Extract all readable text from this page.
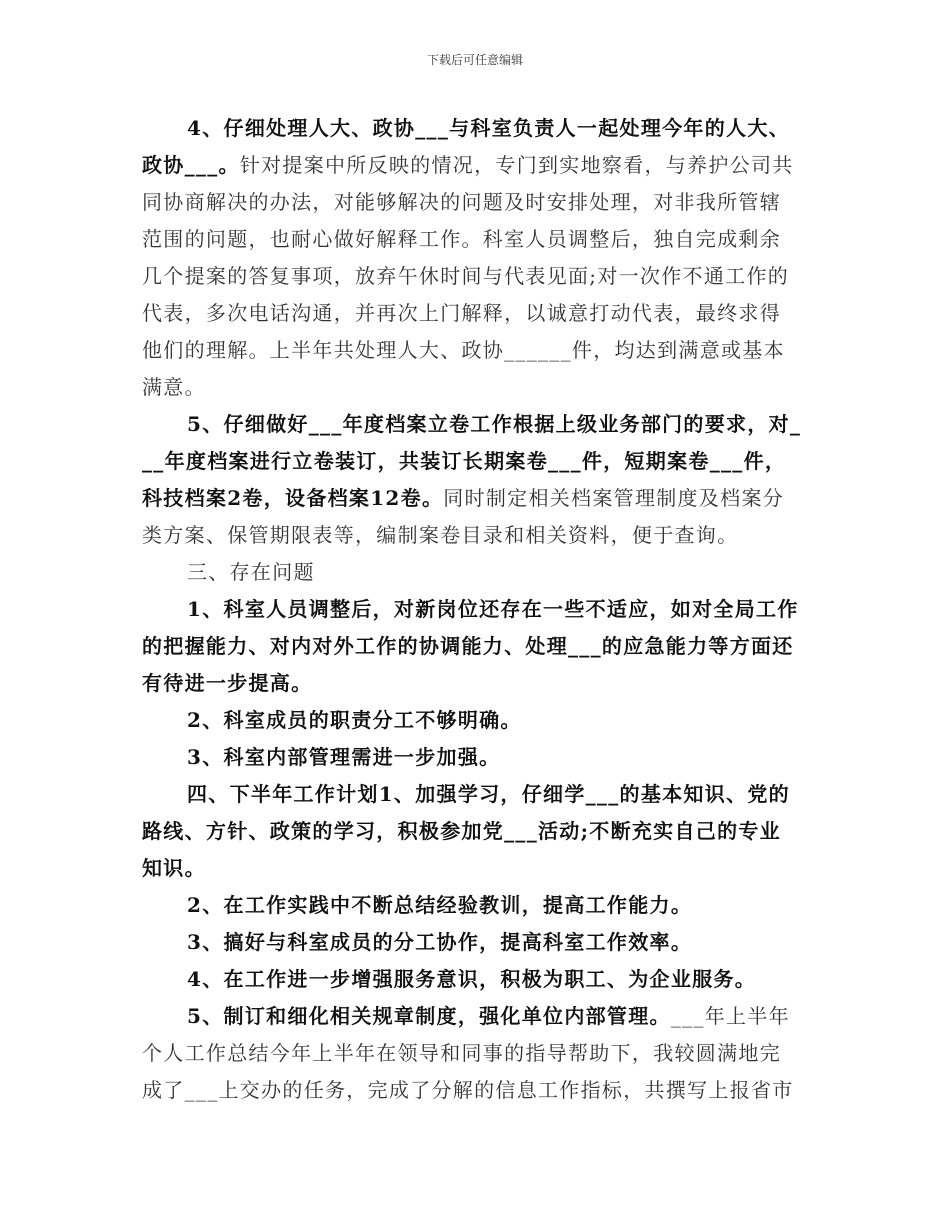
下载后可任意编辑
4、仔细处理人大、政协___与科室负责人一起处理今年的人大、
政协___。针对提案中所反映的情况，专门到实地察看，与养护公司共
同协商解决的办法，对能够解决的问题及时安排处理，对非我所管辖
范围的问题，也耐心做好解释工作。科室人员调整后，独自完成剩余
几个提案的答复事项，放弃午休时间与代表见面;对一次作不通工作的
代表，多次电话沟通，并再次上门解释，以诚意打动代表，最终求得
他们的理解。上半年共处理人大、政协______件，均达到满意或基本
满意。
5、仔细做好___年度档案立卷工作根据上级业务部门的要求，对_
__年度档案进行立卷装订，共装订长期案卷___件，短期案卷___件，
科技档案2卷，设备档案12卷。同时制定相关档案管理制度及档案分
类方案、保管期限表等，编制案卷目录和相关资料，便于查询。
三、存在问题
1、科室人员调整后，对新岗位还存在一些不适应，如对全局工作
的把握能力、对内对外工作的协调能力、处理___的应急能力等方面还
有待进一步提高。
2、科室成员的职责分工不够明确。
3、科室内部管理需进一步加强。
四、下半年工作计划1、加强学习，仔细学___的基本知识、党的
路线、方针、政策的学习，积极参加党___活动;不断充实自己的专业
知识。
2、在工作实践中不断总结经验教训，提高工作能力。
3、搞好与科室成员的分工协作，提高科室工作效率。
4、在工作进一步增强服务意识，积极为职工、为企业服务。
5、制订和细化相关规章制度，强化单位内部管理。___年上半年
个人工作总结今年上半年在领导和同事的指导帮助下，我较圆满地完
成了___上交办的任务，完成了分解的信息工作指标，共撰写上报省市
